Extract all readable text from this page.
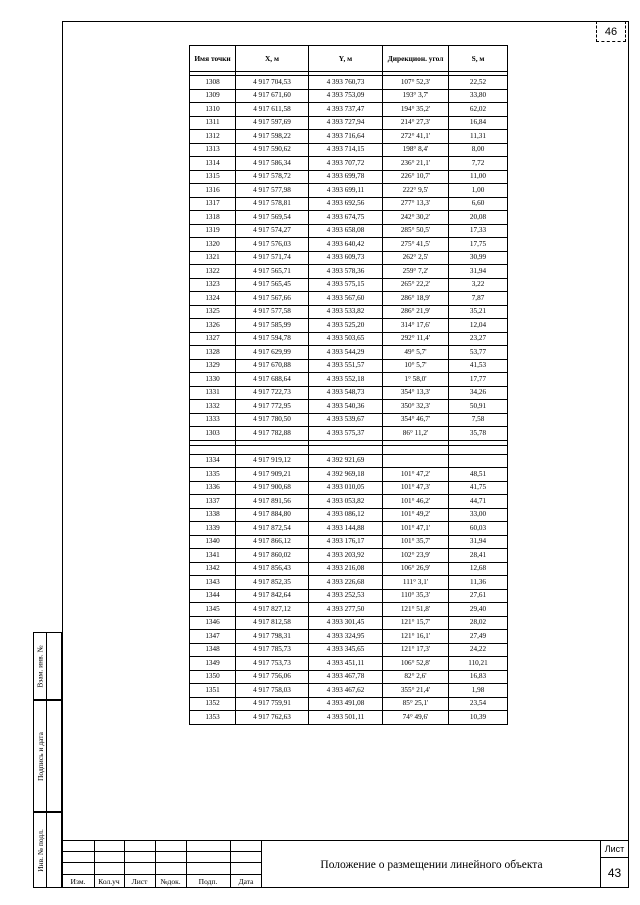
46
Имя точки	X, м	Y, м	Дирекцион. угол	S, м

1308	4 917 704,53	4 393 760,73	107° 52,3'	22,52
1309	4 917 671,60	4 393 753,09	193° 3,7'	33,80
1310	4 917 611,58	4 393 737,47	194° 35,2'	62,02
1311	4 917 597,69	4 393 727,94	214° 27,3'	16,84
1312	4 917 598,22	4 393 716,64	272° 41,1'	11,31
1313	4 917 590,62	4 393 714,15	198° 8,4'	8,00
1314	4 917 586,34	4 393 707,72	236° 21,1'	7,72
1315	4 917 578,72	4 393 699,78	226° 10,7'	11,00
1316	4 917 577,98	4 393 699,11	222° 9,5'	1,00
1317	4 917 578,81	4 393 692,56	277° 13,3'	6,60
1318	4 917 569,54	4 393 674,75	242° 30,2'	20,08
1319	4 917 574,27	4 393 658,08	285° 50,5'	17,33
1320	4 917 576,03	4 393 640,42	275° 41,5'	17,75
1321	4 917 571,74	4 393 609,73	262° 2,5'	30,99
1322	4 917 565,71	4 393 578,36	259° 7,2'	31,94
1323	4 917 565,45	4 393 575,15	265° 22,2'	3,22
1324	4 917 567,66	4 393 567,60	286° 18,9'	7,87
1325	4 917 577,58	4 393 533,82	286° 21,9'	35,21
1326	4 917 585,99	4 393 525,20	314° 17,6'	12,04
1327	4 917 594,78	4 393 503,65	292° 11,4'	23,27
1328	4 917 629,99	4 393 544,29	49° 5,7'	53,77
1329	4 917 670,88	4 393 551,57	10° 5,7'	41,53
1330	4 917 688,64	4 393 552,18	1° 58,0'	17,77
1331	4 917 722,73	4 393 548,73	354° 13,3'	34,26
1332	4 917 772,95	4 393 540,36	350° 32,3'	50,91
1333	4 917 780,50	4 393 539,67	354° 46,7'	7,58
1303	4 917 782,88	4 393 575,37	86° 11,2'	35,78

1334	4 917 919,12	4 392 921,69		
1335	4 917 909,21	4 392 969,18	101° 47,2'	48,51
1336	4 917 900,68	4 393 010,05	101° 47,3'	41,75
1337	4 917 891,56	4 393 053,82	101° 46,2'	44,71
1338	4 917 884,80	4 393 086,12	101° 49,2'	33,00
1339	4 917 872,54	4 393 144,88	101° 47,1'	60,03
1340	4 917 866,12	4 393 176,17	101° 35,7'	31,94
1341	4 917 860,02	4 393 203,92	102° 23,9'	28,41
1342	4 917 856,43	4 393 216,08	106° 26,9'	12,68
1343	4 917 852,35	4 393 226,68	111° 3,1'	11,36
1344	4 917 842,64	4 393 252,53	110° 35,3'	27,61
1345	4 917 827,12	4 393 277,50	121° 51,8'	29,40
1346	4 917 812,58	4 393 301,45	121° 15,7'	28,02
1347	4 917 798,31	4 393 324,95	121° 16,1'	27,49
1348	4 917 785,73	4 393 345,65	121° 17,3'	24,22
1349	4 917 753,73	4 393 451,11	106° 52,8'	110,21
1350	4 917 756,06	4 393 467,78	82° 2,6'	16,83
1351	4 917 758,03	4 393 467,62	355° 21,4'	1,98
1352	4 917 759,91	4 393 491,08	85° 25,1'	23,54
1353	4 917 762,63	4 393 501,11	74° 49,6'	10,39
Взам. инв. №
Подпись и дата
Инв. № подл.
Изм.	Кол.уч	Лист	№док.	Подп.	Дата
Положение о размещении линейного объекта
Лист
43
